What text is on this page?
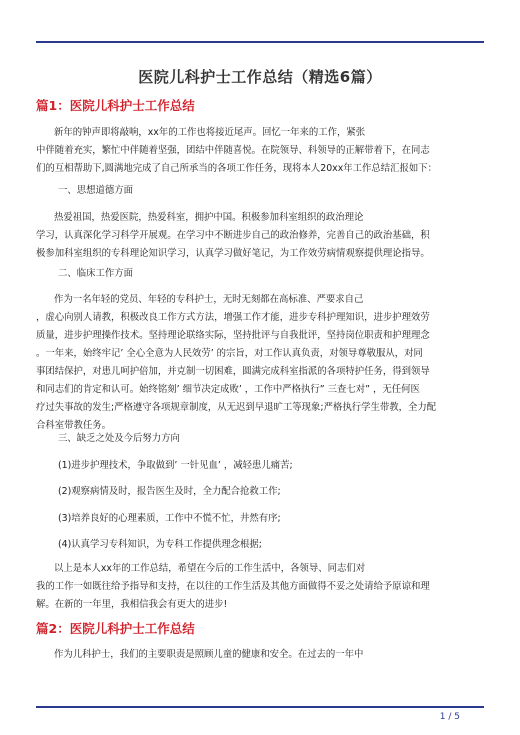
医院儿科护士工作总结（精选6篇）
篇1：医院儿科护士工作总结
新年的钟声即将敲响，xx年的工作也将接近尾声。回忆一年来的工作，紧张
中伴随着充实，繁忙中伴随着坚强，团结中伴随喜悦。在院领导、科领导的正解带着下，在同志
们的互相帮助下,圆满地完成了自己所承当的各项工作任务，现将本人20xx年工作总结汇报如下：
一、思想道德方面
热爱祖国，热爱医院，热爱科室，拥护中国。积极参加科室组织的政治理论
学习，认真深化学习科学开展观。在学习中不断进步自己的政治修养，完善自己的政治基础，积
极参加科室组织的专科理论知识学习，认真学习做好笔记，为工作效劳病情观察提供理论指导。
二、临床工作方面
作为一名年轻的党员、年轻的专科护士，无时无刻都在高标准、严要求自己
，虚心向别人请教，积极改良工作方式方法，增强工作才能，进步专科护理知识，进步护理效劳
质量，进步护理操作技术。坚持理论联络实际，坚持批评与自我批评，坚持岗位职责和护理理念
。一年来，始终牢记’ 全心全意为人民效劳’ 的宗旨，对工作认真负责，对领导尊敬服从，对同
事团结保护，对患儿呵护倍加，并克制一切困难，圆满完成科室指派的各项特护任务，得到领导
和同志们的肯定和认可。始终铭刻’ 细节决定成败’ ，工作中严格执行” 三查七对” ，无任何医
疗过失事故的发生;严格遵守各项规章制度，从无迟到早退旷工等现象;严格执行学生带教，全力配
合科室带教任务。
三、缺乏之处及今后努力方向
(1)进步护理技术，争取做到’ 一针见血’ ，减轻患儿痛苦;
(2)观察病情及时，报告医生及时，全力配合抢救工作;
(3)培养良好的心理素质，工作中不慌不忙，井然有序;
(4)认真学习专科知识，为专科工作提供理念根据;
以上是本人xx年的工作总结，希望在今后的工作生活中，各领导、同志们对
我的工作一如既往给予指导和支持，在以往的工作生活及其他方面做得不妥之处请给予原谅和理
解。在新的一年里，我相信我会有更大的进步!
篇2：医院儿科护士工作总结
作为儿科护士，我们的主要职责是照顾儿童的健康和安全。在过去的一年中
1 / 5
